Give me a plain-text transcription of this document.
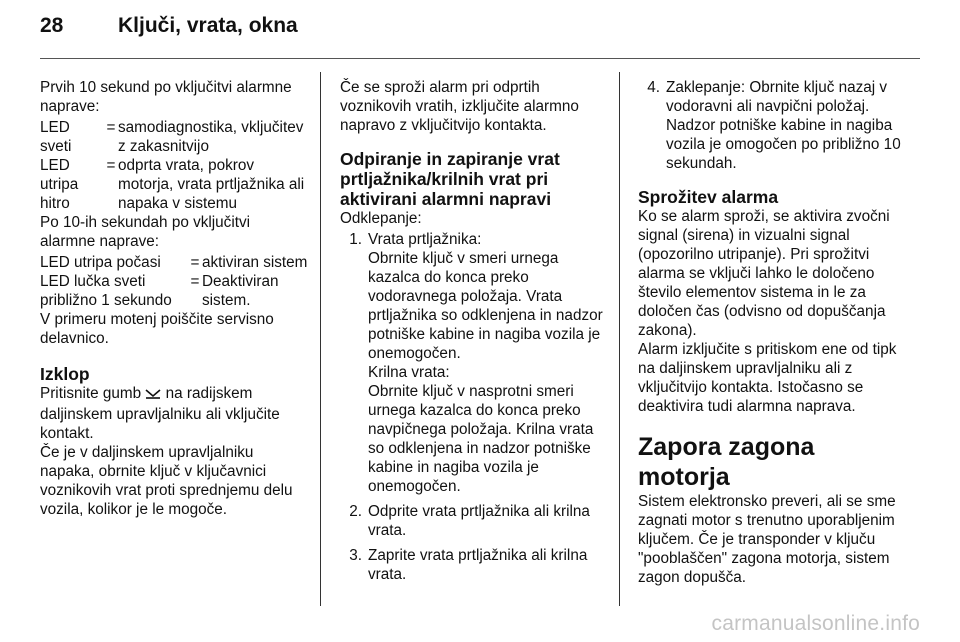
28	Ključi, vrata, okna

Prvih 10 sekund po vključitvi alarmne naprave:

LED sveti
= samodiagnostika, vključitev z zakasnitvijo
LED utripa hitro
= odprta vrata, pokrov motorja, vrata prtljažnika ali napaka v sistemu

Po 10-ih sekundah po vključitvi alarmne naprave:

LED utripa počasi	= aktiviran sistem
LED lučka sveti približno 1 sekundo
= Deaktiviran sistem.

V primeru motenj poiščite servisno delavnico.

Izklop

Pritisnite gumb  na radijskem daljinskem upravljalniku ali vključite kontakt.

Če je v daljinskem upravljalniku napaka, obrnite ključ v ključavnici voznikovih vrat proti sprednjemu delu vozila, kolikor je le mogoče.

Če se sproži alarm pri odprtih voznikovih vratih, izključite alarmno napravo z vključitvijo kontakta.

Odpiranje in zapiranje vrat prtljažnika/krilnih vrat pri aktivirani alarmni napravi

Odklepanje:

1. Vrata prtljažnika:

Obrnite ključ v smeri urnega kazalca do konca preko vodoravnega položaja. Vrata prtljažnika so odklenjena in nadzor potniške kabine in nagiba vozila je onemogočen.

Krilna vrata:

Obrnite ključ v nasprotni smeri urnega kazalca do konca preko navpičnega položaja. Krilna vrata so odklenjena in nadzor potniške kabine in nagiba vozila je onemogočen.

2. Odprite vrata prtljažnika ali krilna vrata.
3. Zaprite vrata prtljažnika ali krilna vrata.
4. Zaklepanje: Obrnite ključ nazaj v vodoravni ali navpični položaj. Nadzor potniške kabine in nagiba vozila je omogočen po približno 10 sekundah.
Sprožitev alarma

Ko se alarm sproži, se aktivira zvočni signal (sirena) in vizualni signal (opozorilno utripanje). Pri sprožitvi alarma se vključi lahko le določeno število elementov sistema in le za določen čas (odvisno od dopuščanja zakona).

Alarm izključite s pritiskom ene od tipk na daljinskem upravljalniku ali z vključitvijo kontakta. Istočasno se deaktivira tudi alarmna naprava.

Zapora zagona motorja

Sistem elektronsko preveri, ali se sme zagnati motor s trenutno uporabljenim ključem. Če je transponder v ključu "pooblaščen" zagona motorja, sistem zagon dopušča.

carmanualsonline.info
